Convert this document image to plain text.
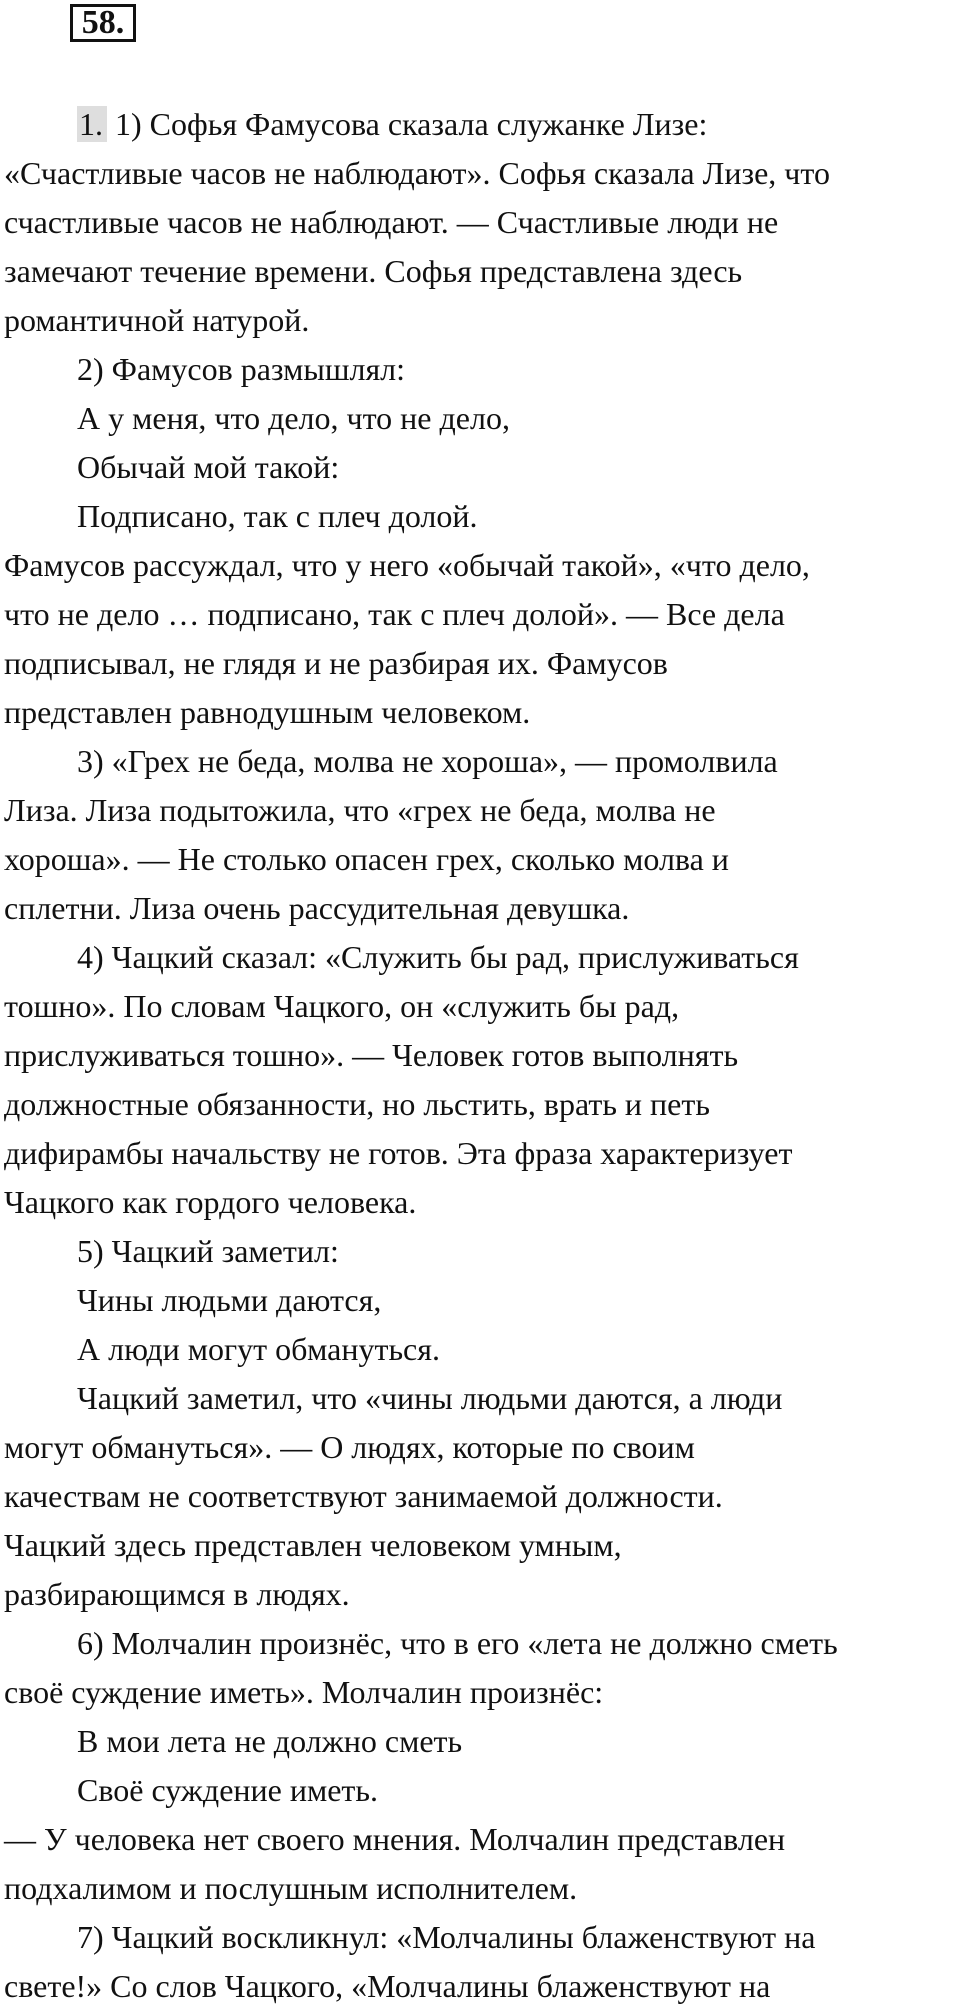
58.
1. 1) Софья Фамусова сказала служанке Лизе:
«Счастливые часов не наблюдают». Софья сказала Лизе, что
счастливые часов не наблюдают. — Счастливые люди не
замечают течение времени. Софья представлена здесь
романтичной натурой.
2) Фамусов размышлял:
А у меня, что дело, что не дело,
Обычай мой такой:
Подписано, так с плеч долой.
Фамусов рассуждал, что у него «обычай такой», «что дело,
что не дело … подписано, так с плеч долой». — Все дела
подписывал, не глядя и не разбирая их. Фамусов
представлен равнодушным человеком.
3) «Грех не беда, молва не хороша», — промолвила
Лиза. Лиза подытожила, что «грех не беда, молва не
хороша». — Не столько опасен грех, сколько молва и
сплетни. Лиза очень рассудительная девушка.
4) Чацкий сказал: «Служить бы рад, прислуживаться
тошно». По словам Чацкого, он «служить бы рад,
прислуживаться тошно». — Человек готов выполнять
должностные обязанности, но льстить, врать и петь
дифирамбы начальству не готов. Эта фраза характеризует
Чацкого как гордого человека.
5) Чацкий заметил:
Чины людьми даются,
А люди могут обмануться.
Чацкий заметил, что «чины людьми даются, а люди
могут обмануться». — О людях, которые по своим
качествам не соответствуют занимаемой должности.
Чацкий здесь представлен человеком умным,
разбирающимся в людях.
6) Молчалин произнёс, что в его «лета не должно сметь
своё суждение иметь». Молчалин произнёс:
В мои лета не должно сметь
Своё суждение иметь.
— У человека нет своего мнения. Молчалин представлен
подхалимом и послушным исполнителем.
7) Чацкий воскликнул: «Молчалины блаженствуют на
свете!» Со слов Чацкого, «Молчалины блаженствуют на
